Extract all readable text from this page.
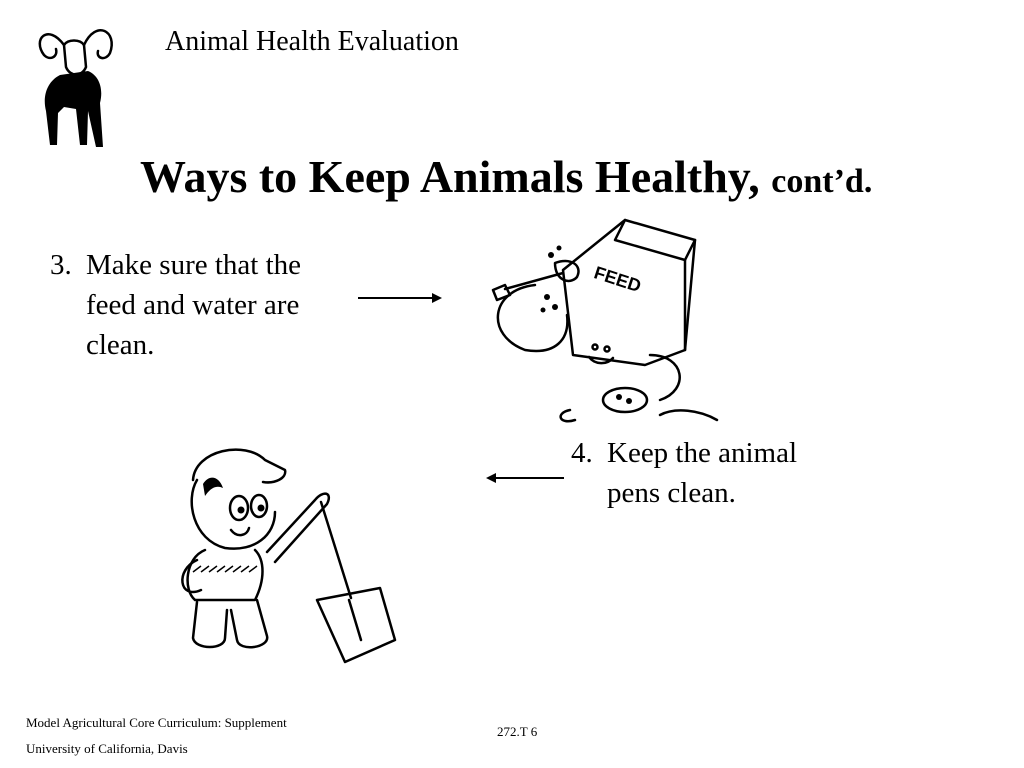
Animal Health Evaluation
Ways to Keep Animals Healthy, cont’d.
3. Make sure that the
feed and water are
clean.
FEED
4. Keep the animal
pens clean.
Model Agricultural Core Curriculum: Supplement
University of California, Davis
272.T 6
